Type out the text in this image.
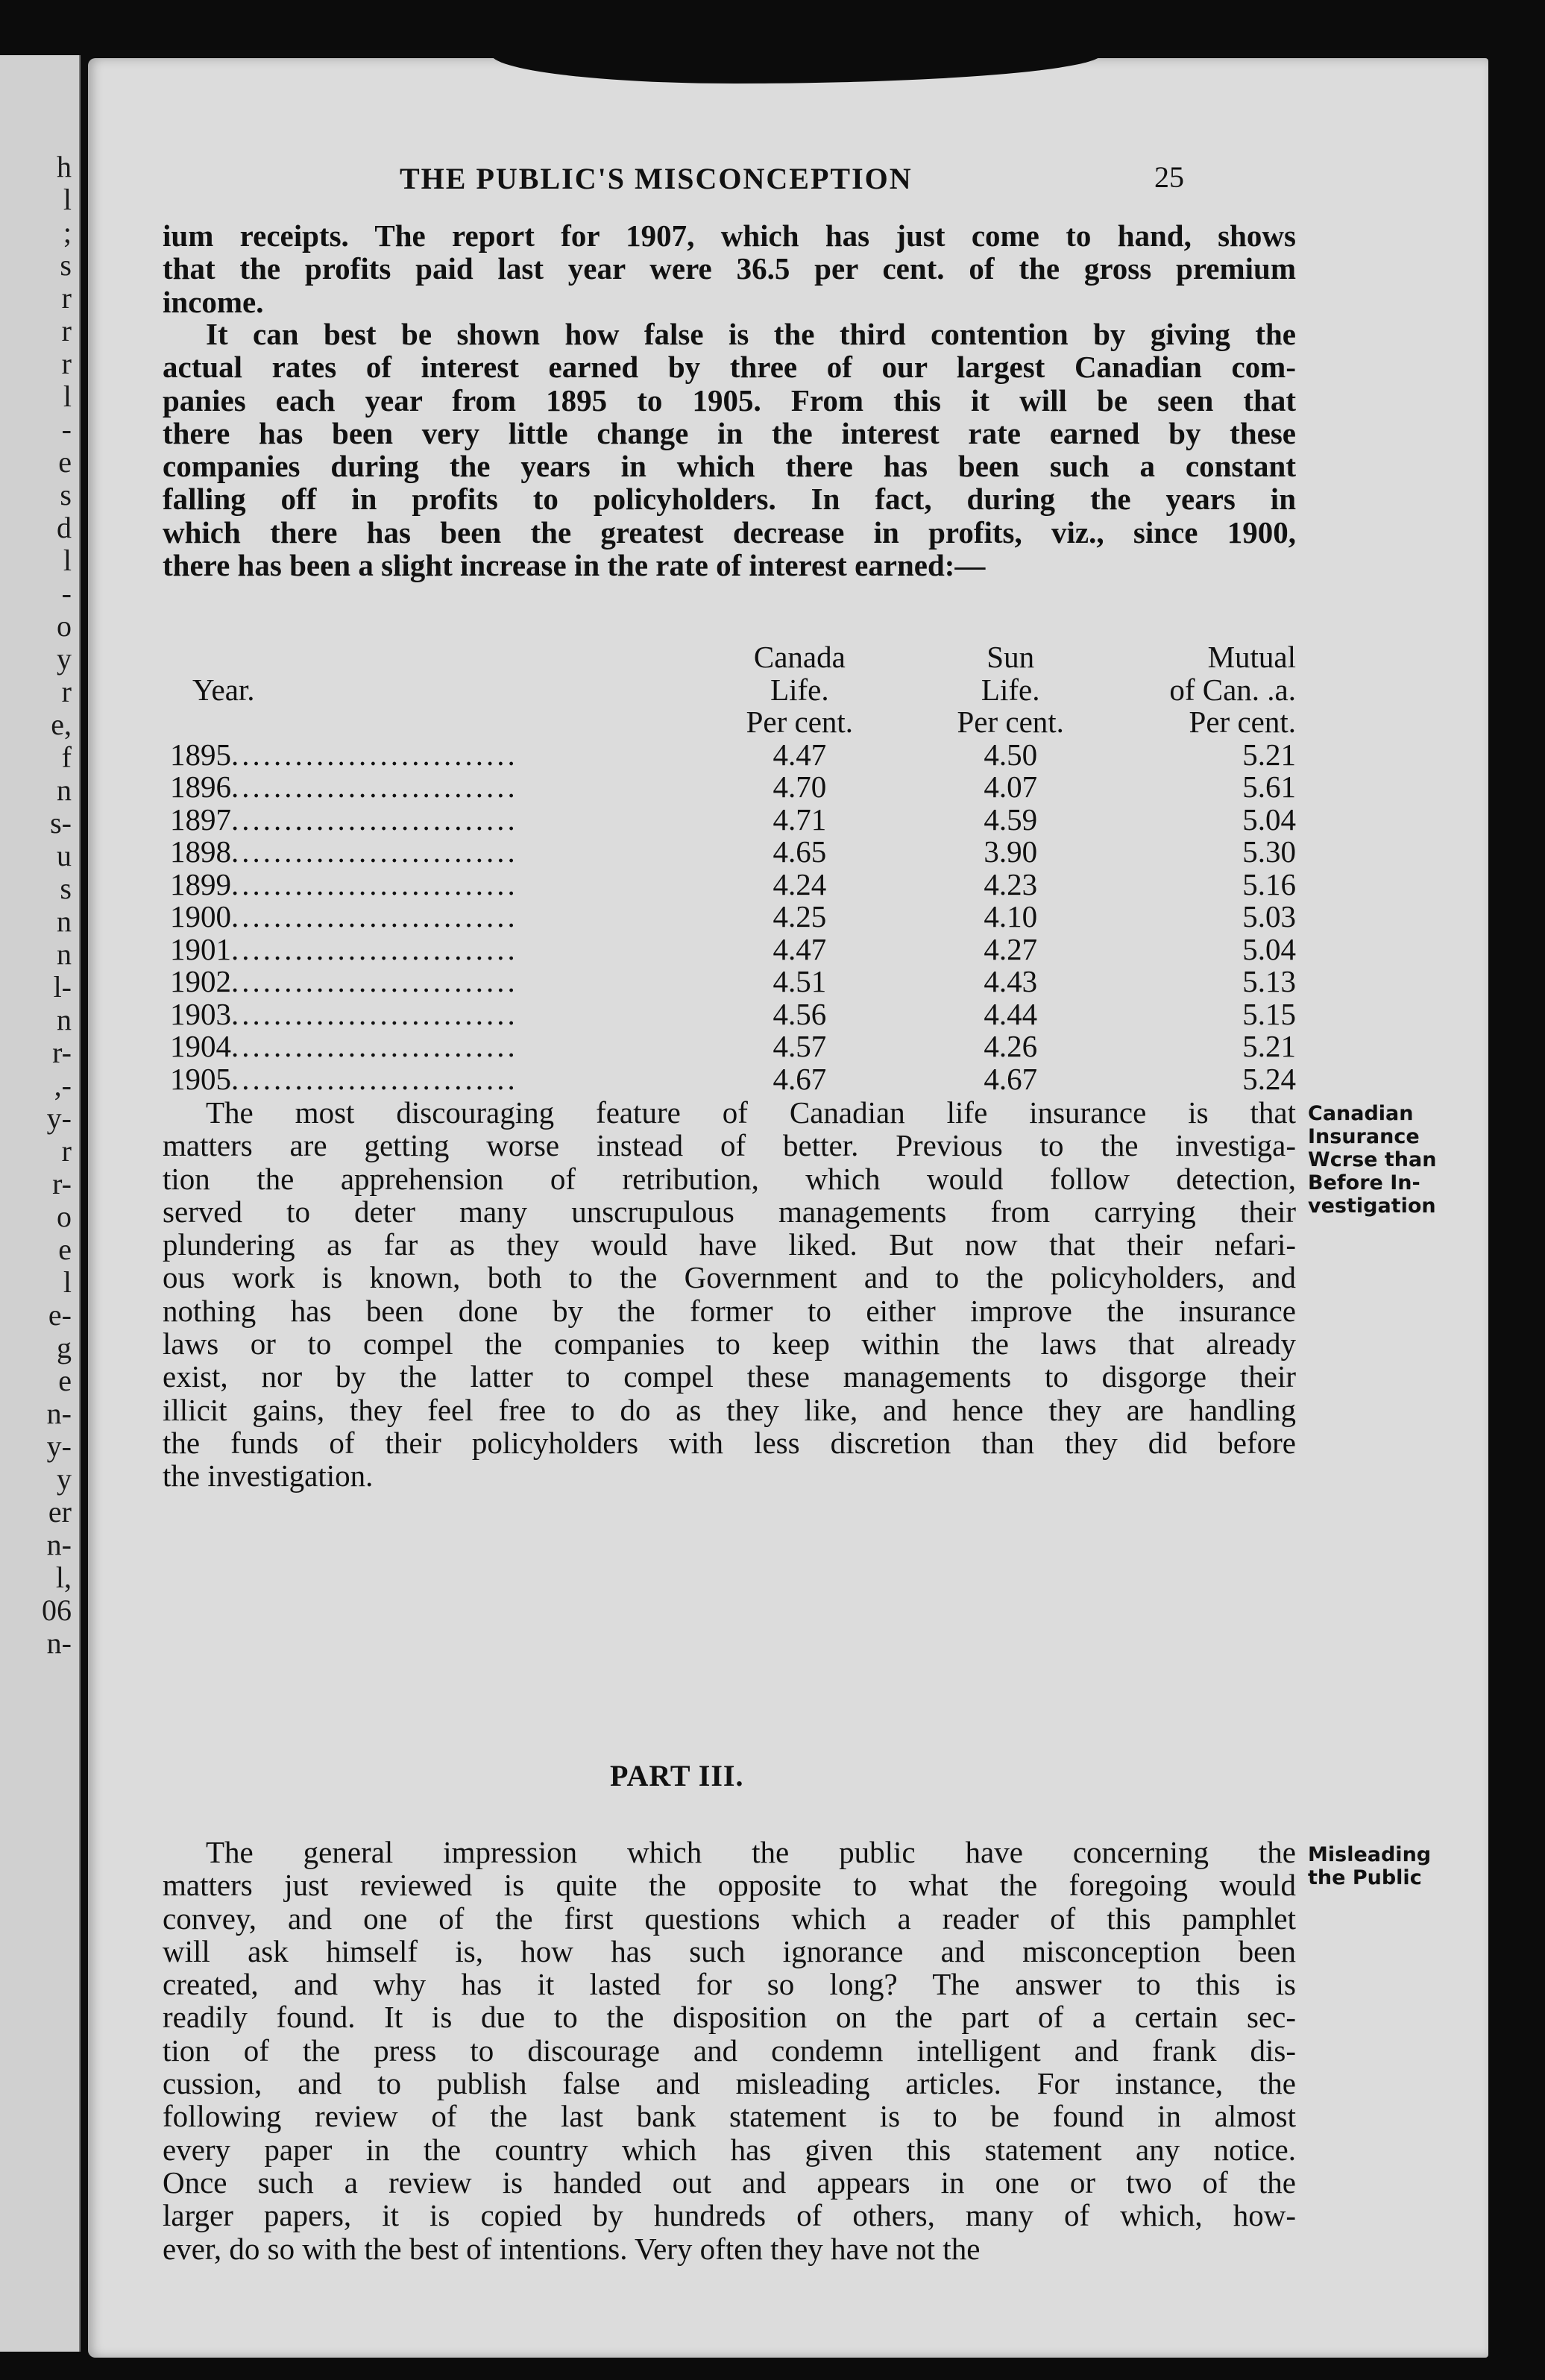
h
l
;
s
r
r
r
l
-
e
s
d
l
-
o
y
r
e,
f
n
s-
u
s
n
n
l-
n
r-
,-
y-
r
r-
o
e
l
e-
g
e
n-
y-
y
er
n-
l,
06
n-
THE PUBLIC'S MISCONCEPTION	25
ium receipts. The report for 1907, which has just come to hand, shows
that the profits paid last year were 36.5 per cent. of the gross premium
income.
It can best be shown how false is the third contention by giving the
actual rates of interest earned by three of our largest Canadian com-
panies each year from 1895 to 1905. From this it will be seen that
there has been very little change in the interest rate earned by these
companies during the years in which there has been such a constant
falling off in profits to policyholders. In fact, during the years in
which there has been the greatest decrease in profits, viz., since 1900,
there has been a slight increase in the rate of interest earned:—
	Canada	Sun	Mutual
Year.	Life.	Life.	of Can. .a.
	Per cent.	Per cent.	Per cent.
1895...........................	4.47	4.50	5.21
1896...........................	4.70	4.07	5.61
1897...........................	4.71	4.59	5.04
1898...........................	4.65	3.90	5.30
1899...........................	4.24	4.23	5.16
1900...........................	4.25	4.10	5.03
1901...........................	4.47	4.27	5.04
1902...........................	4.51	4.43	5.13
1903...........................	4.56	4.44	5.15
1904...........................	4.57	4.26	5.21
1905...........................	4.67	4.67	5.24
The most discouraging feature of Canadian life insurance is that
matters are getting worse instead of better. Previous to the investiga-
tion the apprehension of retribution, which would follow detection,
served to deter many unscrupulous managements from carrying their
plundering as far as they would have liked. But now that their nefari-
ous work is known, both to the Government and to the policyholders, and
nothing has been done by the former to either improve the insurance
laws or to compel the companies to keep within the laws that already
exist, nor by the latter to compel these managements to disgorge their
illicit gains, they feel free to do as they like, and hence they are handling
the funds of their policyholders with less discretion than they did before
the investigation.
Canadian
Insurance
Wcrse than
Before In-
vestigation
PART III.
The general impression which the public have concerning the
matters just reviewed is quite the opposite to what the foregoing would
convey, and one of the first questions which a reader of this pamphlet
will ask himself is, how has such ignorance and misconception been
created, and why has it lasted for so long? The answer to this is
readily found. It is due to the disposition on the part of a certain sec-
tion of the press to discourage and condemn intelligent and frank dis-
cussion, and to publish false and misleading articles. For instance, the
following review of the last bank statement is to be found in almost
every paper in the country which has given this statement any notice.
Once such a review is handed out and appears in one or two of the
larger papers, it is copied by hundreds of others, many of which, how-
ever, do so with the best of intentions. Very often they have not the
Misleading
the Public
